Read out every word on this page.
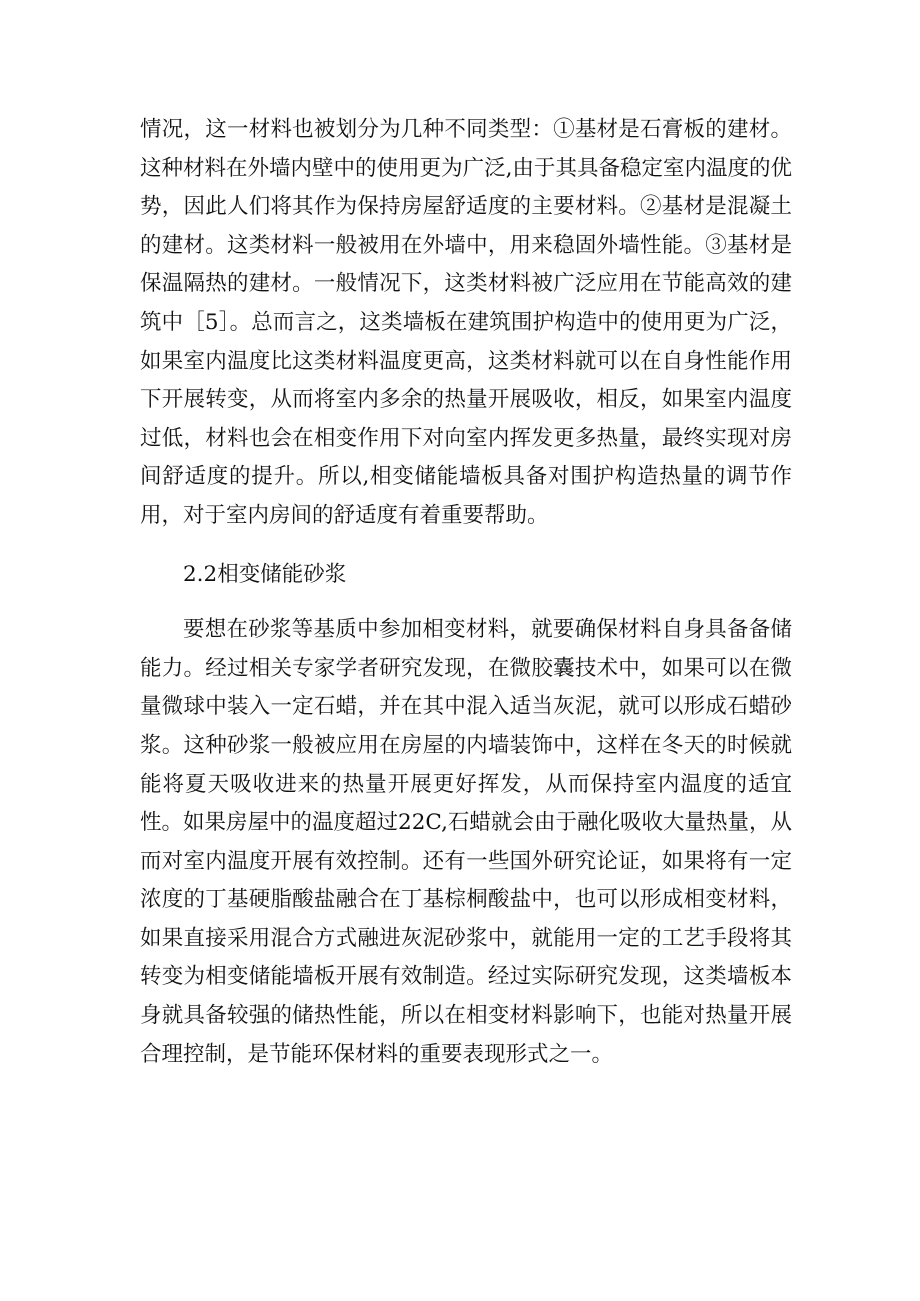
情况，这一材料也被划分为几种不同类型：①基材是石膏板的建材。这种材料在外墙内壁中的使用更为广泛,由于其具备稳定室内温度的优势，因此人们将其作为保持房屋舒适度的主要材料。②基材是混凝土的建材。这类材料一般被用在外墙中，用来稳固外墙性能。③基材是保温隔热的建材。一般情况下，这类材料被广泛应用在节能高效的建筑中［5］。总而言之，这类墙板在建筑围护构造中的使用更为广泛，如果室内温度比这类材料温度更高，这类材料就可以在自身性能作用下开展转变，从而将室内多余的热量开展吸收，相反，如果室内温度过低，材料也会在相变作用下对向室内挥发更多热量，最终实现对房间舒适度的提升。所以,相变储能墙板具备对围护构造热量的调节作用，对于室内房间的舒适度有着重要帮助。

2.2相变储能砂浆

要想在砂浆等基质中参加相变材料，就要确保材料自身具备备储能力。经过相关专家学者研究发现，在微胶囊技术中，如果可以在微量微球中装入一定石蜡，并在其中混入适当灰泥，就可以形成石蜡砂浆。这种砂浆一般被应用在房屋的内墙装饰中，这样在冬天的时候就能将夏天吸收进来的热量开展更好挥发，从而保持室内温度的适宜性。如果房屋中的温度超过22C,石蜡就会由于融化吸收大量热量，从而对室内温度开展有效控制。还有一些国外研究论证，如果将有一定浓度的丁基硬脂酸盐融合在丁基棕桐酸盐中，也可以形成相变材料，如果直接采用混合方式融进灰泥砂浆中，就能用一定的工艺手段将其转变为相变储能墙板开展有效制造。经过实际研究发现，这类墙板本身就具备较强的储热性能，所以在相变材料影响下，也能对热量开展合理控制，是节能环保材料的重要表现形式之一。
